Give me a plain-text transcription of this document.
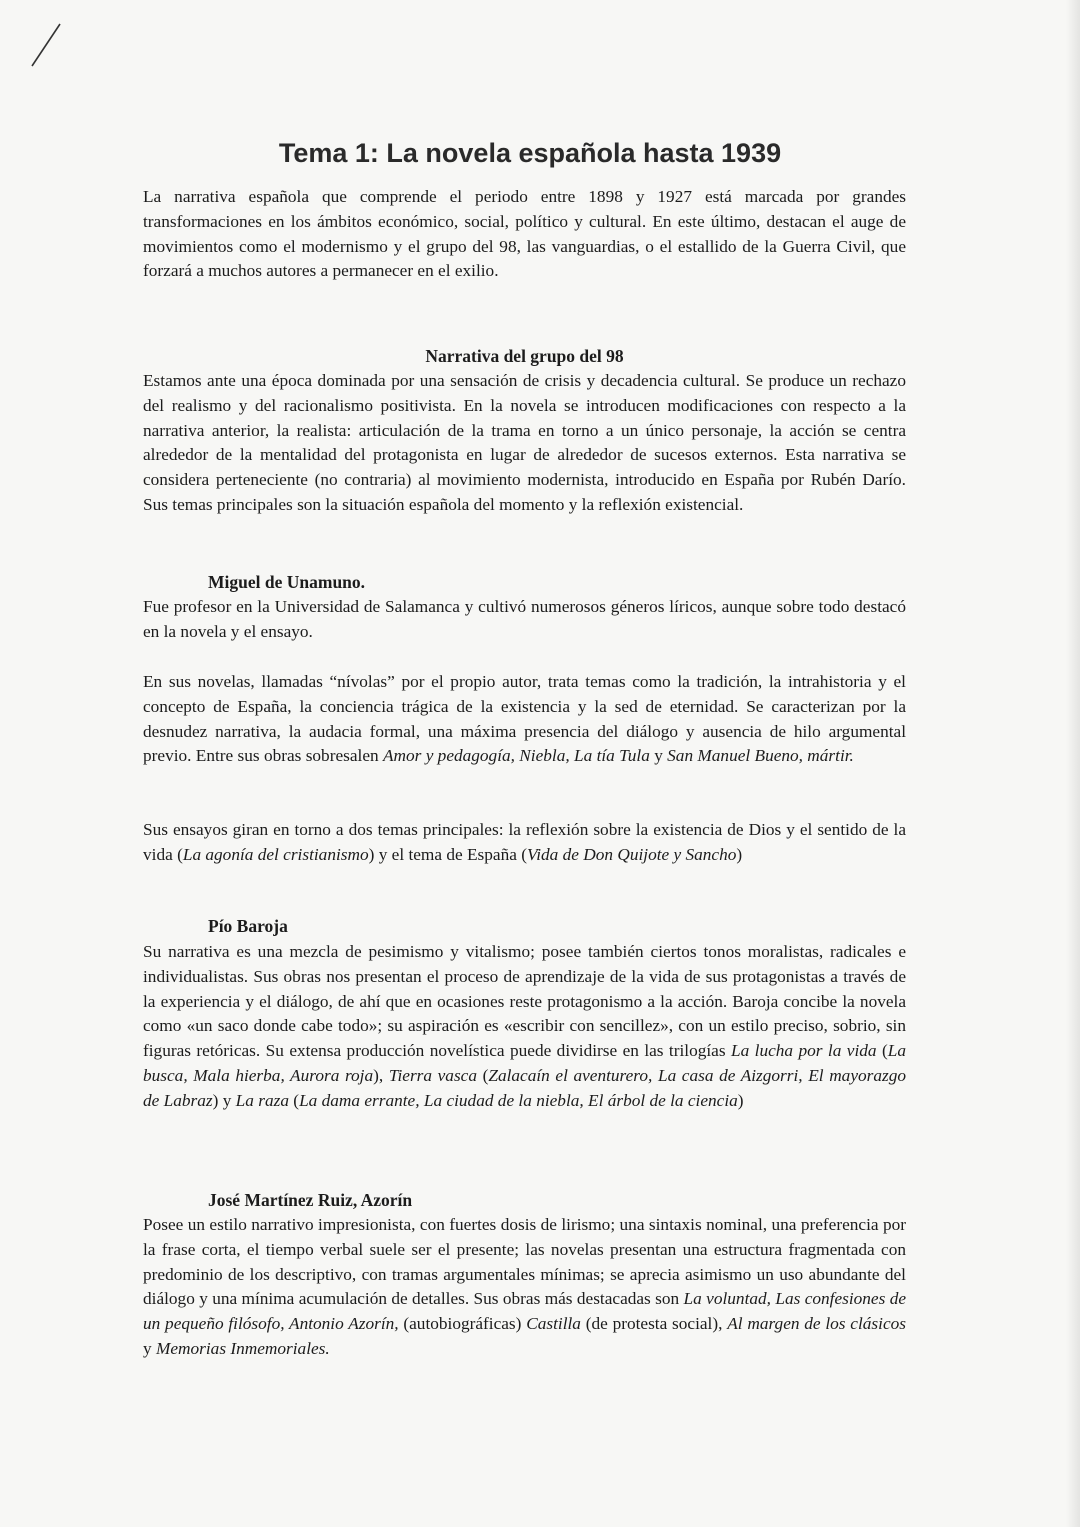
Tema 1: La novela española hasta 1939

La narrativa española que comprende el periodo entre 1898 y 1927 está marcada por grandes transformaciones en los ámbitos económico, social, político y cultural. En este último, destacan el auge de movimientos como el modernismo y el grupo del 98, las vanguardias, o el estallido de la Guerra Civil, que forzará a muchos autores a permanecer en el exilio.

Narrativa del grupo del 98

Estamos ante una época dominada por una sensación de crisis y decadencia cultural. Se produce un rechazo del realismo y del racionalismo positivista. En la novela se introducen modificaciones con respecto a la narrativa anterior, la realista: articulación de la trama en torno a un único personaje, la acción se centra alrededor de la mentalidad del protagonista en lugar de alrededor de sucesos externos. Esta narrativa se considera perteneciente (no contraria) al movimiento modernista, introducido en España por Rubén Darío. Sus temas principales son la situación española del momento y la reflexión existencial.

Miguel de Unamuno.

Fue profesor en la Universidad de Salamanca y cultivó numerosos géneros líricos, aunque sobre todo destacó en la novela y el ensayo.

En sus novelas, llamadas “nívolas” por el propio autor, trata temas como la tradición, la intrahistoria y el concepto de España, la conciencia trágica de la existencia y la sed de eternidad. Se caracterizan por la desnudez narrativa, la audacia formal, una máxima presencia del diálogo y ausencia de hilo argumental previo. Entre sus obras sobresalen Amor y pedagogía, Niebla, La tía Tula y San Manuel Bueno, mártir.

Sus ensayos giran en torno a dos temas principales: la reflexión sobre la existencia de Dios y el sentido de la vida (La agonía del cristianismo) y el tema de España (Vida de Don Quijote y Sancho)

Pío Baroja

Su narrativa es una mezcla de pesimismo y vitalismo; posee también ciertos tonos moralistas, radicales e individualistas. Sus obras nos presentan el proceso de aprendizaje de la vida de sus protagonistas a través de la experiencia y el diálogo, de ahí que en ocasiones reste protagonismo a la acción. Baroja concibe la novela como «un saco donde cabe todo»; su aspiración es «escribir con sencillez», con un estilo preciso, sobrio, sin figuras retóricas. Su extensa producción novelística puede dividirse en las trilogías La lucha por la vida (La busca, Mala hierba, Aurora roja), Tierra vasca (Zalacaín el aventurero, La casa de Aizgorri, El mayorazgo de Labraz) y La raza (La dama errante, La ciudad de la niebla, El árbol de la ciencia)

José Martínez Ruiz, Azorín

Posee un estilo narrativo impresionista, con fuertes dosis de lirismo; una sintaxis nominal, una preferencia por la frase corta, el tiempo verbal suele ser el presente; las novelas presentan una estructura fragmentada con predominio de los descriptivo, con tramas argumentales mínimas; se aprecia asimismo un uso abundante del diálogo y una mínima acumulación de detalles. Sus obras más destacadas son La voluntad, Las confesiones de un pequeño filósofo, Antonio Azorín, (autobiográficas) Castilla (de protesta social), Al margen de los clásicos y Memorias Inmemoriales.
